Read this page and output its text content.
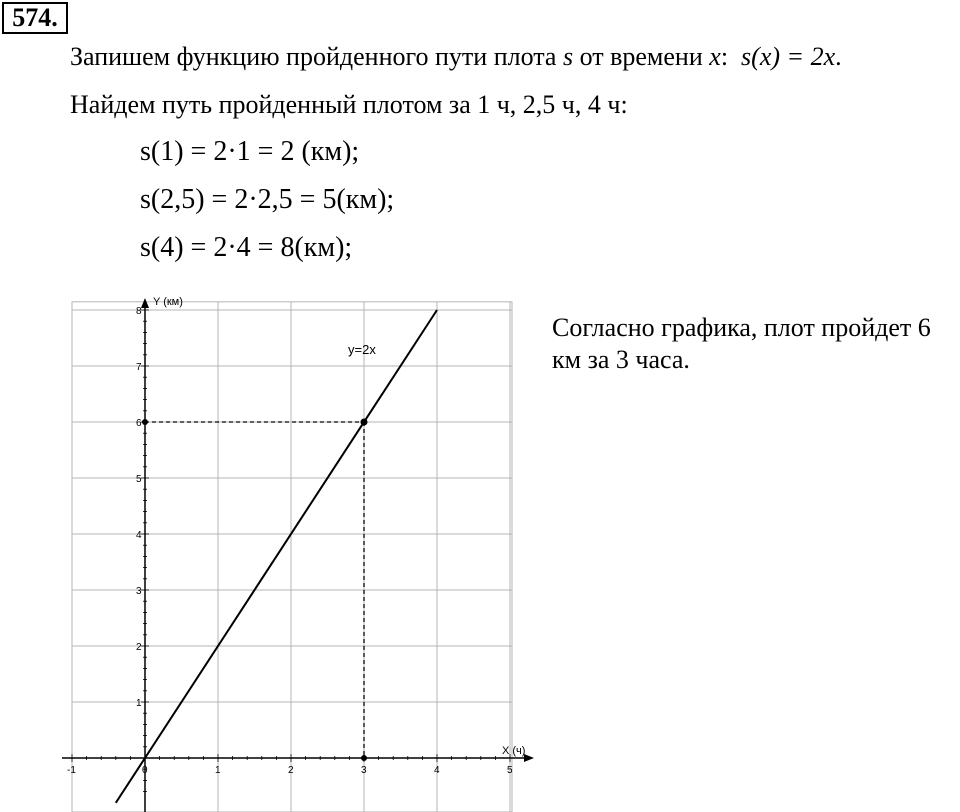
574.
Запишем функцию пройденного пути плота s от времени x: s(x) = 2x.
Найдем путь пройденный плотом за 1 ч, 2,5 ч, 4 ч:
s(1) = 2·1 = 2 (км);
s(2,5) = 2·2,5 = 5(км);
s(4) = 2·4 = 8(км);
-1	0	1	2	3	4	5
1
2
3
4
5
6
7
8
Y (км)
X (ч)
y=2x
Согласно графика, плот пройдет 6 км за 3 часа.
